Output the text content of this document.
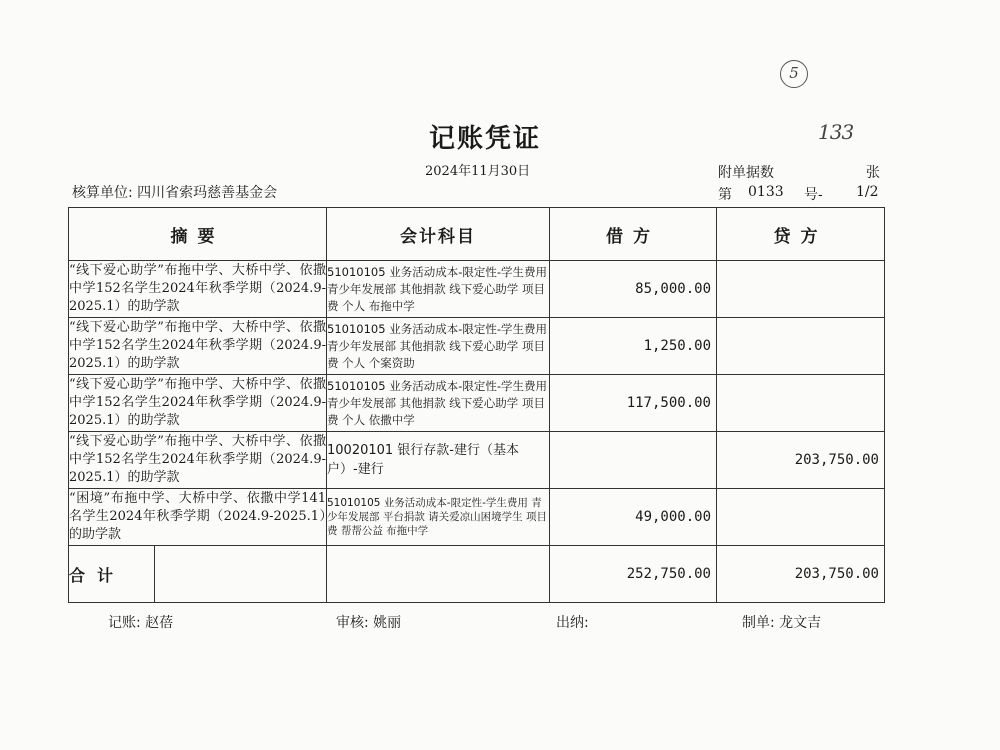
5
133
记账凭证
2024年11月30日	附单据数	张
核算单位: 四川省索玛慈善基金会	第 0133 号- 1/2
摘要		会计科目	借方	贷方
“线下爱心助学”布拖中学、大桥中学、依撒中学152名学生2024年秋季学期（2024.9-2025.1）的助学款		51010105 业务活动成本-限定性-学生费用 青少年发展部 其他捐款 线下爱心助学 项目费 个人 布拖中学	85,000.00	
“线下爱心助学”布拖中学、大桥中学、依撒中学152名学生2024年秋季学期（2024.9-2025.1）的助学款		51010105 业务活动成本-限定性-学生费用 青少年发展部 其他捐款 线下爱心助学 项目费 个人 个案资助	1,250.00	
“线下爱心助学”布拖中学、大桥中学、依撒中学152名学生2024年秋季学期（2024.9-2025.1）的助学款		51010105 业务活动成本-限定性-学生费用 青少年发展部 其他捐款 线下爱心助学 项目费 个人 依撒中学	117,500.00	
“线下爱心助学”布拖中学、大桥中学、依撒中学152名学生2024年秋季学期（2024.9-2025.1）的助学款		10020101 银行存款-建行（基本户）-建行		203,750.00
“困境”布拖中学、大桥中学、依撒中学141名学生2024年秋季学期（2024.9-2025.1）的助学款		51010105 业务活动成本-限定性-学生费用 青少年发展部 平台捐款 请关爱凉山困境学生 项目费 帮帮公益 布拖中学	49,000.00	
合计			252,750.00	203,750.00
记账: 赵蓓	审核: 姚丽	出纳:	制单: 龙文吉
